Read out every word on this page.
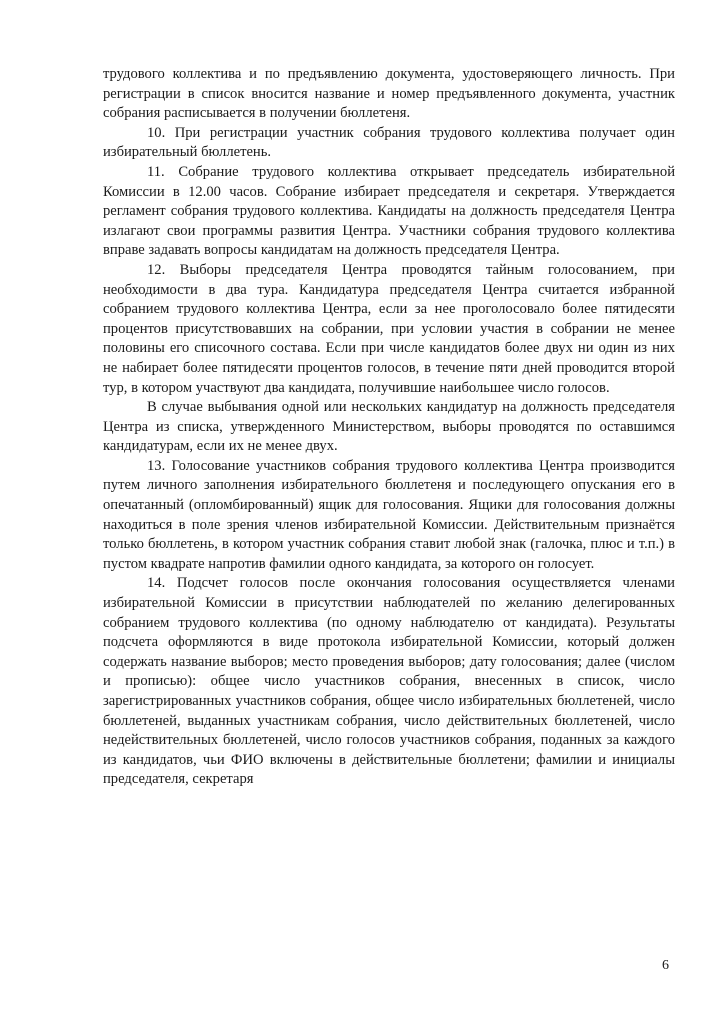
трудового коллектива и по предъявлению документа, удостоверяющего личность. При регистрации в список вносится название и номер предъявленного документа, участник собрания расписывается в получении бюллетеня.

10. При регистрации участник собрания трудового коллектива получает один избирательный бюллетень.

11. Собрание трудового коллектива открывает председатель избирательной Комиссии в 12.00 часов. Собрание избирает председателя и секретаря. Утверждается регламент собрания трудового коллектива. Кандидаты на должность председателя Центра излагают свои программы развития Центра. Участники собрания трудового коллектива вправе задавать вопросы кандидатам на должность председателя Центра.

12. Выборы председателя Центра проводятся тайным голосованием, при необходимости в два тура. Кандидатура председателя Центра считается избранной собранием трудового коллектива Центра, если за нее проголосовало более пятидесяти процентов присутствовавших на собрании, при условии участия в собрании не менее половины его списочного состава. Если при числе кандидатов более двух ни один из них не набирает более пятидесяти процентов голосов, в течение пяти дней проводится второй тур, в котором участвуют два кандидата, получившие наибольшее число голосов.

В случае выбывания одной или нескольких кандидатур на должность председателя Центра из списка, утвержденного Министерством, выборы проводятся по оставшимся кандидатурам, если их не менее двух.

13. Голосование участников собрания трудового коллектива Центра производится путем личного заполнения избирательного бюллетеня и последующего опускания его в опечатанный (опломбированный) ящик для голосования. Ящики для голосования должны находиться в поле зрения членов избирательной Комиссии. Действительным признаётся только бюллетень, в котором участник собрания ставит любой знак (галочка, плюс и т.п.) в пустом квадрате напротив фамилии одного кандидата, за которого он голосует.

14. Подсчет голосов после окончания голосования осуществляется членами избирательной Комиссии в присутствии наблюдателей по желанию делегированных собранием трудового коллектива (по одному наблюдателю от кандидата). Результаты подсчета оформляются в виде протокола избирательной Комиссии, который должен содержать название выборов; место проведения выборов; дату голосования; далее (числом и прописью): общее число участников собрания, внесенных в список, число зарегистрированных участников собрания, общее число избирательных бюллетеней, число бюллетеней, выданных участникам собрания, число действительных бюллетеней, число недействительных бюллетеней, число голосов участников собрания, поданных за каждого из кандидатов, чьи ФИО включены в действительные бюллетени; фамилии и инициалы председателя, секретаря

6
